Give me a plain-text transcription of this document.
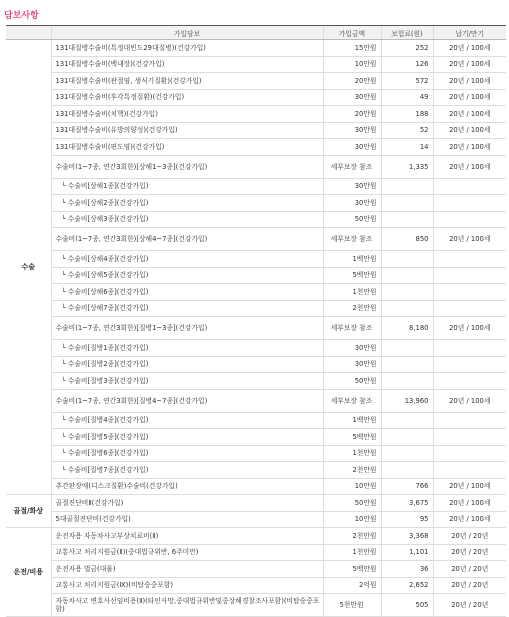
담보사항
	가입담보	가입금액	보험료(원)	납기/만기
수술	131대질병수술비(특정대빈도29대질병)(건강가입)	15만원	252	20년 / 100세
	131대질병수술비(백내장)(건강가입)	10만원	126	20년 / 100세
	131대질병수술비(관절염, 생식기질환)(건강가입)	20만원	572	20년 / 100세
	131대질병수술비(후각특정질환)(건강가입)	30만원	49	20년 / 100세
	131대질병수술비(치핵)(건강가입)	20만원	188	20년 / 100세
	131대질병수술비(유방의양성)(건강가입)	30만원	52	20년 / 100세
	131대질병수술비(편도염)(건강가입)	30만원	14	20년 / 100세
	수술비(1~7종, 연간3회한)[상해1~3종](건강가입)	세부보장 참조	1,335	20년 / 100세
	└ 수술비[상해1종](건강가입)	30만원		
	└ 수술비[상해2종](건강가입)	30만원		
	└ 수술비[상해3종](건강가입)	50만원		
	수술비(1~7종, 연간3회한)[상해4~7종](건강가입)	세부보장 참조	850	20년 / 100세
	└ 수술비[상해4종](건강가입)	1백만원		
	└ 수술비[상해5종](건강가입)	5백만원		
	└ 수술비[상해6종](건강가입)	1천만원		
	└ 수술비[상해7종](건강가입)	2천만원		
	수술비(1~7종, 연간3회한)[질병1~3종](건강가입)	세부보장 참조	8,180	20년 / 100세
	└ 수술비[질병1종](건강가입)	30만원		
	└ 수술비[질병2종](건강가입)	30만원		
	└ 수술비[질병3종](건강가입)	50만원		
	수술비(1~7종, 연간3회한)[질병4~7종](건강가입)	세부보장 참조	13,960	20년 / 100세
	└ 수술비[질병4종](건강가입)	1백만원		
	└ 수술비[질병5종](건강가입)	5백만원		
	└ 수술비[질병6종](건강가입)	1천만원		
	└ 수술비[질병7종](건강가입)	2천만원		
	추간판장애(디스크질환)수술비(건강가입)	10만원	766	20년 / 100세
골절/화상	골절진단비Ⅱ(건강가입)	50만원	3,675	20년 / 100세
	5대골절진단비(건강가입)	10만원	95	20년 / 100세
운전/비용	운전자용 자동차사고부상치료비(Ⅱ)	2천만원	3,368	20년 / 20년
	교통사고 처리지원금(Ⅱ)(중대법규위반, 6주미만)	1천만원	1,101	20년 / 20년
	운전자용 벌금(대물)	5백만원	36	20년 / 20년
	교통사고 처리지원금(Ⅸ)(비탑승중포함)	2억원	2,652	20년 / 20년
	자동차사고 변호사선임비용(Ⅱ)(타인사망,중대법규위반및중상해경찰조사포함)(비탑승중포함)	5천만원	505	20년 / 20년
